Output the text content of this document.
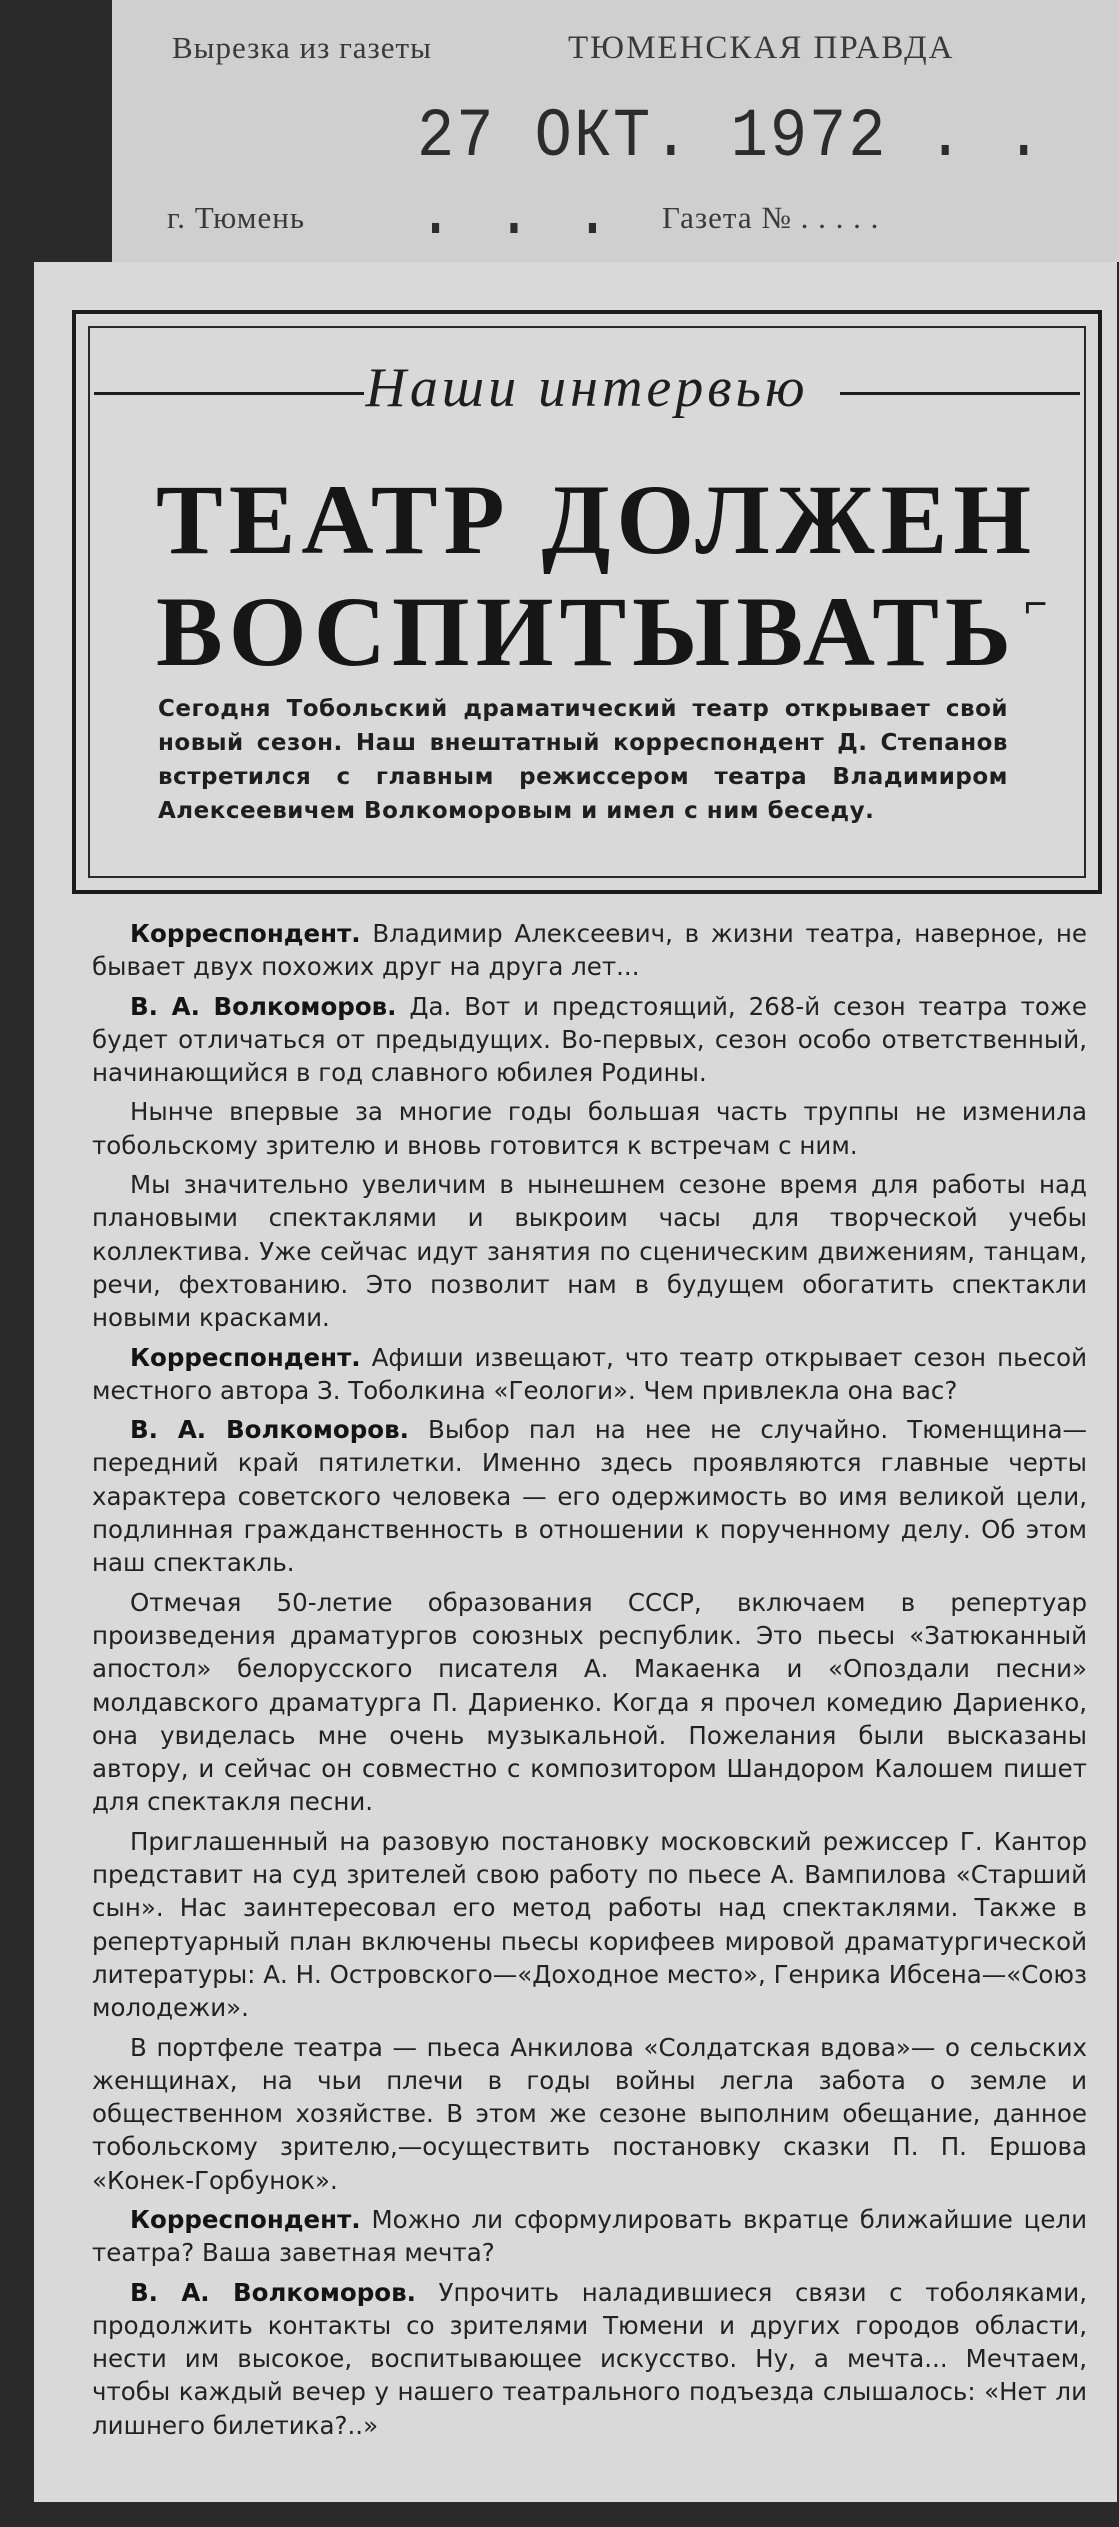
Вырезка из газеты	ТЮМЕНСКАЯ ПРАВДА
27 ОКТ. 1972 . . . . .
г. Тюмень	Газета № . . . . .
Наши интервью
ТЕАТР ДОЛЖЕН ВОСПИТЫВАТЬ
Сегодня Тобольский драматический театр открывает свой новый сезон. Наш внештатный корреспондент Д. Степанов встретился с главным режиссером театра Владимиром Алексеевичем Волкоморовым и имел с ним беседу.
⌐

Корреспондент. Владимир Алексеевич, в жизни театра, наверное, не бывает двух похожих друг на друга лет...

В. А. Волкоморов. Да. Вот и предстоящий, 268-й сезон театра тоже будет отличаться от предыдущих. Во-первых, сезон особо ответственный, начинающийся в год славного юбилея Родины.

Нынче впервые за многие годы большая часть труппы не изменила тобольскому зрителю и вновь готовится к встречам с ним.

Мы значительно увеличим в нынешнем сезоне время для работы над плановыми спектаклями и выкроим часы для творческой учебы коллектива. Уже сейчас идут занятия по сценическим движениям, танцам, речи, фехтованию. Это позволит нам в будущем обогатить спектакли новыми красками.

Корреспондент. Афиши извещают, что театр открывает сезон пьесой местного автора З. Тоболкина «Геологи». Чем привлекла она вас?

В. А. Волкоморов. Выбор пал на нее не случайно. Тюменщина—передний край пятилетки. Именно здесь проявляются главные черты характера советского человека — его одержимость во имя великой цели, подлинная гражданственность в отношении к порученному делу. Об этом наш спектакль.

Отмечая 50-летие образования СССР, включаем в репертуар произведения драматургов союзных республик. Это пьесы «Затюканный апостол» белорусского писателя А. Макаенка и «Опоздали песни» молдавского драматурга П. Дариенко. Когда я прочел комедию Дариенко, она увиделась мне очень музыкальной. Пожелания были высказаны автору, и сейчас он совместно с композитором Шандором Калошем пишет для спектакля песни.

Приглашенный на разовую постановку московский режиссер Г. Кантор представит на суд зрителей свою работу по пьесе А. Вампилова «Старший сын». Нас заинтересовал его метод работы над спектаклями. Также в репертуарный план включены пьесы корифеев мировой драматургической литературы: А. Н. Островского—«Доходное место», Генрика Ибсена—«Союз молодежи».

В портфеле театра — пьеса Анкилова «Солдатская вдова»— о сельских женщинах, на чьи плечи в годы войны легла забота о земле и общественном хозяйстве. В этом же сезоне выполним обещание, данное тобольскому зрителю,—осуществить постановку сказки П. П. Ершова «Конек-Горбунок».

Корреспондент. Можно ли сформулировать вкратце ближайшие цели театра? Ваша заветная мечта?

В. А. Волкоморов. Упрочить наладившиеся связи с тоболяками, продолжить контакты со зрителями Тюмени и других городов области, нести им высокое, воспитывающее искусство. Ну, а мечта... Мечтаем, чтобы каждый вечер у нашего театрального подъезда слышалось: «Нет ли лишнего билетика?..»
